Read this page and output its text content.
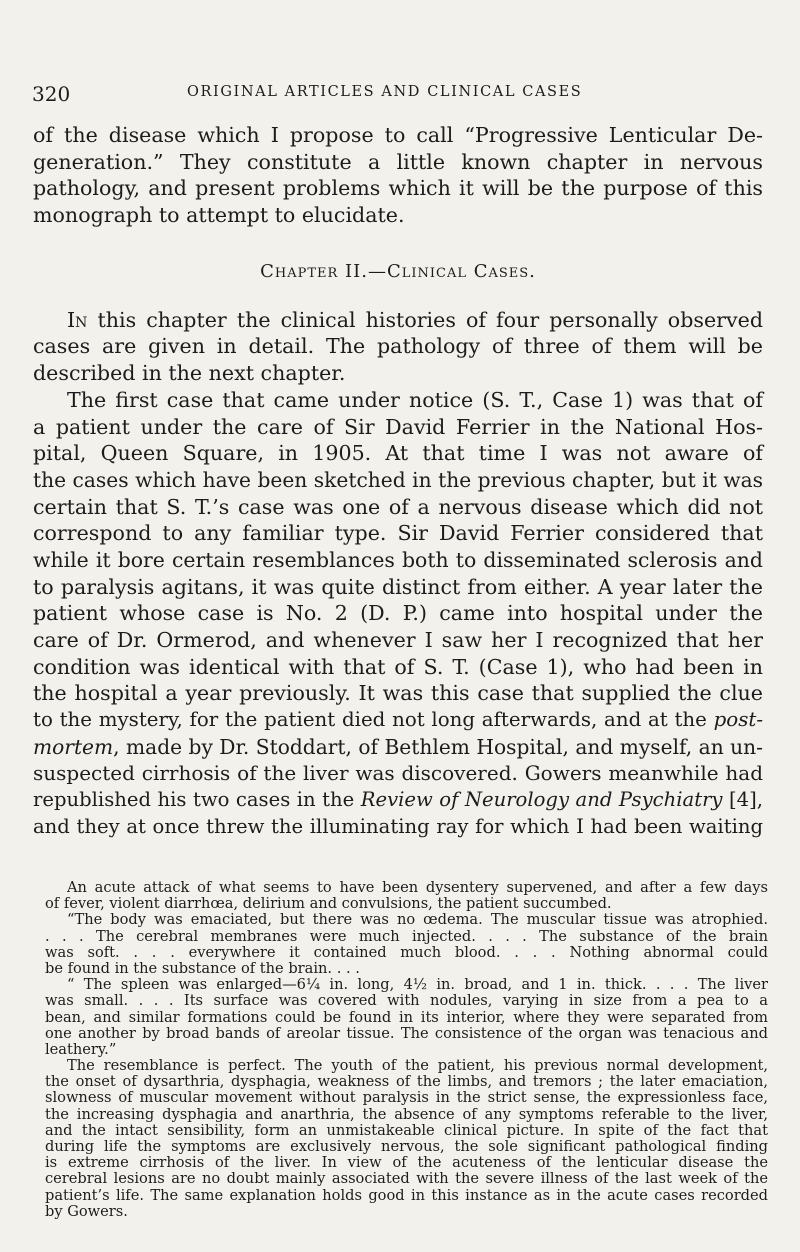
320	ORIGINAL ARTICLES AND CLINICAL CASES
of the disease which I propose to call “Progressive Lenticular De-
generation.” They constitute a little known chapter in nervous
pathology, and present problems which it will be the purpose of this
monograph to attempt to elucidate.
Chapter II.—Clinical Cases.
In this chapter the clinical histories of four personally observed
cases are given in detail. The pathology of three of them will be
described in the next chapter.
The first case that came under notice (S. T., Case 1) was that of
a patient under the care of Sir David Ferrier in the National Hos-
pital, Queen Square, in 1905. At that time I was not aware of
the cases which have been sketched in the previous chapter, but it was
certain that S. T.’s case was one of a nervous disease which did not
correspond to any familiar type. Sir David Ferrier considered that
while it bore certain resemblances both to disseminated sclerosis and
to paralysis agitans, it was quite distinct from either. A year later the
patient whose case is No. 2 (D. P.) came into hospital under the
care of Dr. Ormerod, and whenever I saw her I recognized that her
condition was identical with that of S. T. (Case 1), who had been in
the hospital a year previously. It was this case that supplied the clue
to the mystery, for the patient died not long afterwards, and at the post-
mortem, made by Dr. Stoddart, of Bethlem Hospital, and myself, an un-
suspected cirrhosis of the liver was discovered. Gowers meanwhile had
republished his two cases in the Review of Neurology and Psychiatry [4],
and they at once threw the illuminating ray for which I had been waiting
An acute attack of what seems to have been dysentery supervened, and after a few days
of fever, violent diarrhœa, delirium and convulsions, the patient succumbed.
“The body was emaciated, but there was no œdema. The muscular tissue was atrophied.
. . . The cerebral membranes were much injected. . . . The substance of the brain
was soft. . . . everywhere it contained much blood. . . . Nothing abnormal could
be found in the substance of the brain. . . .
“ The spleen was enlarged—6¼ in. long, 4½ in. broad, and 1 in. thick. . . . The liver
was small. . . . Its surface was covered with nodules, varying in size from a pea to a
bean, and similar formations could be found in its interior, where they were separated from
one another by broad bands of areolar tissue. The consistence of the organ was tenacious and
leathery.”
The resemblance is perfect. The youth of the patient, his previous normal development,
the onset of dysarthria, dysphagia, weakness of the limbs, and tremors ; the later emaciation,
slowness of muscular movement without paralysis in the strict sense, the expressionless face,
the increasing dysphagia and anarthria, the absence of any symptoms referable to the liver,
and the intact sensibility, form an unmistakeable clinical picture. In spite of the fact that
during life the symptoms are exclusively nervous, the sole significant pathological finding
is extreme cirrhosis of the liver. In view of the acuteness of the lenticular disease the
cerebral lesions are no doubt mainly associated with the severe illness of the last week of the
patient’s life. The same explanation holds good in this instance as in the acute cases recorded
by Gowers.
